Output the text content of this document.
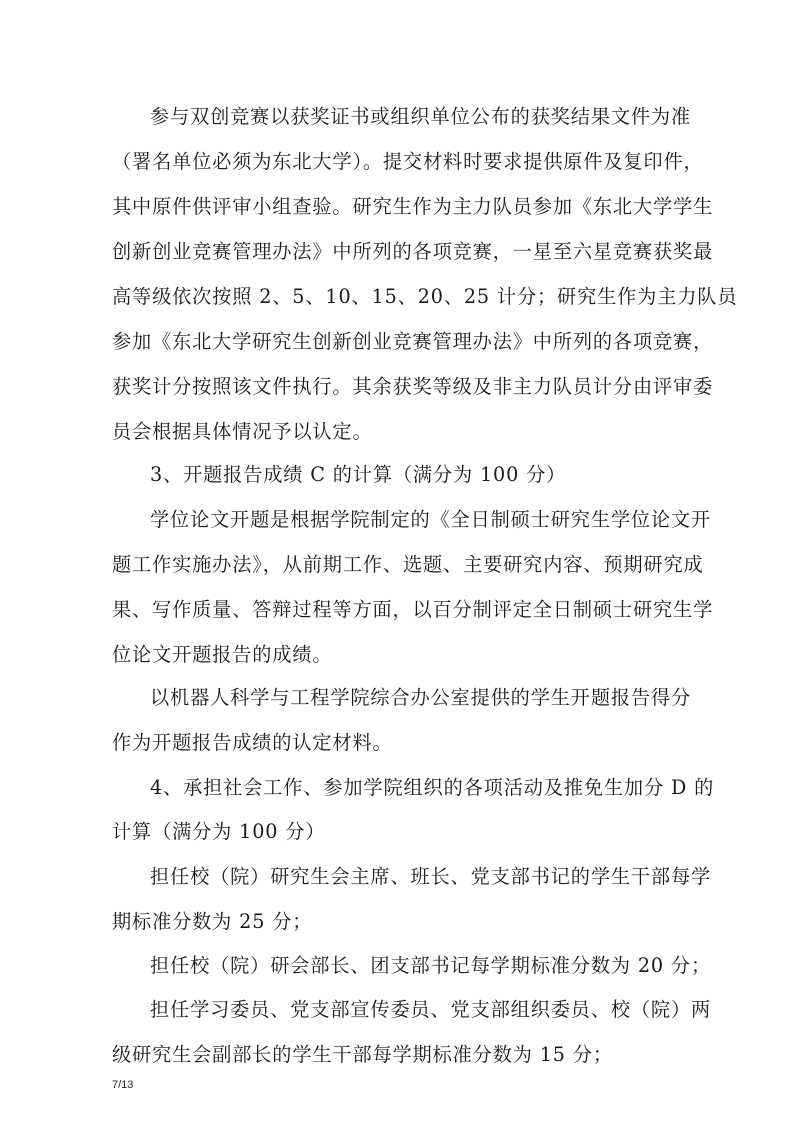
参与双创竞赛以获奖证书或组织单位公布的获奖结果文件为准
（署名单位必须为东北大学）。提交材料时要求提供原件及复印件，
其中原件供评审小组查验。研究生作为主力队员参加《东北大学学生
创新创业竞赛管理办法》中所列的各项竞赛，一星至六星竞赛获奖最
高等级依次按照 2、5、10、15、20、25 计分；研究生作为主力队员
参加《东北大学研究生创新创业竞赛管理办法》中所列的各项竞赛，
获奖计分按照该文件执行。其余获奖等级及非主力队员计分由评审委
员会根据具体情况予以认定。
3、开题报告成绩 C 的计算（满分为 100 分）
学位论文开题是根据学院制定的《全日制硕士研究生学位论文开
题工作实施办法》，从前期工作、选题、主要研究内容、预期研究成
果、写作质量、答辩过程等方面，以百分制评定全日制硕士研究生学
位论文开题报告的成绩。
以机器人科学与工程学院综合办公室提供的学生开题报告得分
作为开题报告成绩的认定材料。
4、承担社会工作、参加学院组织的各项活动及推免生加分 D 的
计算（满分为 100 分）
担任校（院）研究生会主席、班长、党支部书记的学生干部每学
期标准分数为 25 分；
担任校（院）研会部长、团支部书记每学期标准分数为 20 分；
担任学习委员、党支部宣传委员、党支部组织委员、校（院）两
级研究生会副部长的学生干部每学期标准分数为 15 分；
7/13
